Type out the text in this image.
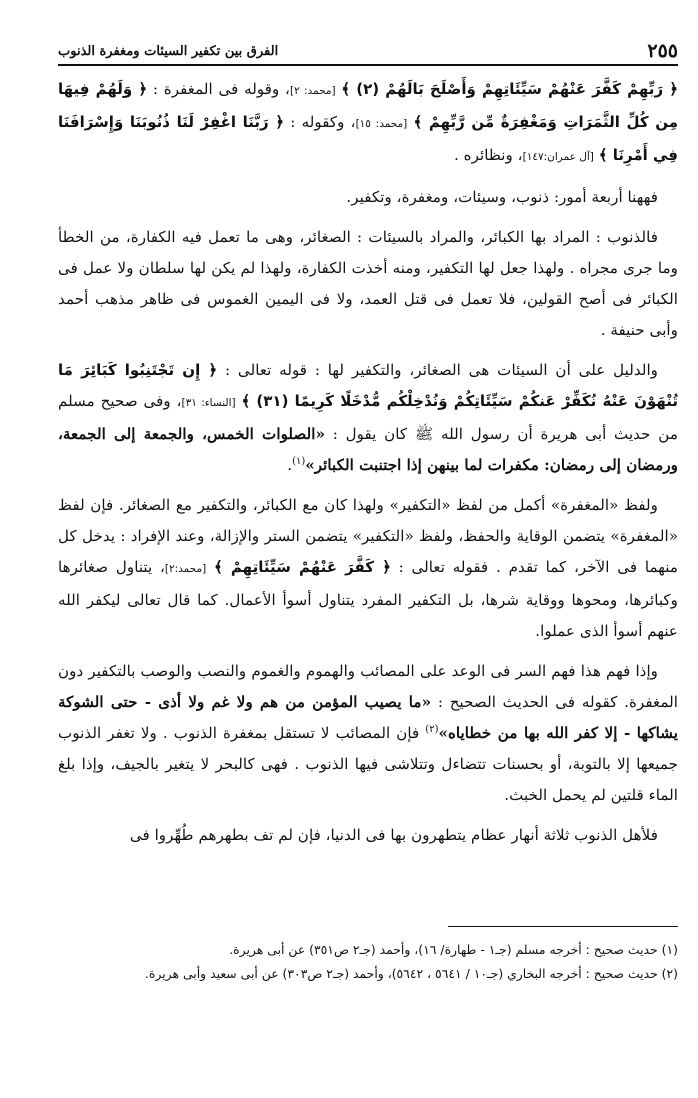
٢٥٥
الفرق بين تكفير السيئات ومغفرة الذنوب

﴿ رَبِّهِمْ كَفَّرَ عَنْهُمْ سَيِّئَاتِهِمْ وَأَصْلَحَ بَالَهُمْ (٢) ﴾ [محمد: ٢]، وقوله فى المغفرة : ﴿ وَلَهُمْ فِيهَا مِن كُلِّ الثَّمَرَاتِ وَمَغْفِرَةٌ مِّن رَّبِّهِمْ ﴾ [محمد: ١٥]، وكقوله : ﴿ رَبَّنَا اغْفِرْ لَنَا ذُنُوبَنَا وَإِسْرَافَنَا فِي أَمْرِنَا ﴾ [آل عمران:١٤٧]، ونظائره .

فههنا أربعة أمور: ذنوب، وسيئات، ومغفرة، وتكفير.

فالذنوب : المراد بها الكبائر، والمراد بالسيئات : الصغائر، وهى ما تعمل فيه الكفارة، من الخطأ وما جرى مجراه . ولهذا جعل لها التكفير، ومنه أخذت الكفارة، ولهذا لم يكن لها سلطان ولا عمل فى الكبائر فى أصح القولين، فلا تعمل فى قتل العمد، ولا فى اليمين الغموس فى ظاهر مذهب أحمد وأبى حنيفة .

والدليل على أن السيئات هى الصغائر، والتكفير لها : قوله تعالى : ﴿ إِن تَجْتَنِبُوا كَبَائِرَ مَا تُنْهَوْنَ عَنْهُ نُكَفِّرْ عَنكُمْ سَيِّئَاتِكُمْ وَنُدْخِلْكُم مُّدْخَلًا كَرِيمًا (٣١) ﴾ [النساء: ٣١]، وفى صحيح مسلم من حديث أبى هريرة أن رسول الله ﷺ كان يقول : «الصلوات الخمس، والجمعة إلى الجمعة، ورمضان إلى رمضان: مكفرات لما بينهن إذا اجتنبت الكبائر»$^{(١)}$.

ولفظ «المغفرة» أكمل من لفظ «التكفير» ولهذا كان مع الكبائر، والتكفير مع الصغائر. فإن لفظ «المغفرة» يتضمن الوقاية والحفظ، ولفظ «التكفير» يتضمن الستر والإزالة، وعند الإفراد : يدخل كل منهما فى الآخر، كما تقدم . فقوله تعالى : ﴿ كَفَّرَ عَنْهُمْ سَيِّئَاتِهِمْ ﴾ [محمد:٢]، يتناول صغائرها وكبائرها، ومحوها ووقاية شرها، بل التكفير المفرد يتناول أسوأ الأعمال. كما قال تعالى ليكفر الله عنهم أسوأ الذى عملوا.

وإذا فهم هذا فهم السر فى الوعد على المصائب والهموم والغموم والنصب والوصب بالتكفير دون المغفرة. كقوله فى الحديث الصحيح : «ما يصيب المؤمن من هم ولا غم ولا أذى - حتى الشوكة يشاكها - إلا كفر الله بها من خطاياه»$^{(٢)}$ فإن المصائب لا تستقل بمغفرة الذنوب . ولا تغفر الذنوب جميعها إلا بالتوبة، أو بحسنات تتضاءل وتتلاشى فيها الذنوب . فهى كالبحر لا يتغير بالجيف، وإذا بلغ الماء قلتين لم يحمل الخبث.

فلأهل الذنوب ثلاثة أنهار عظام يتطهرون بها فى الدنيا، فإن لم تف بطهرهم طُهِّروا فى

(١) حديث صحيح : أخرجه مسلم (جـ١ - طهارة/ ١٦)، وأحمد (جـ٢ ص٣٥١) عن أبى هريرة.

(٢) حديث صحيح : أخرجه البخاري (جـ١٠ / ٥٦٤١ ، ٥٦٤٢)، وأحمد (جـ٢ ص٣٠٣) عن أبى سعيد وأبى هريرة.
